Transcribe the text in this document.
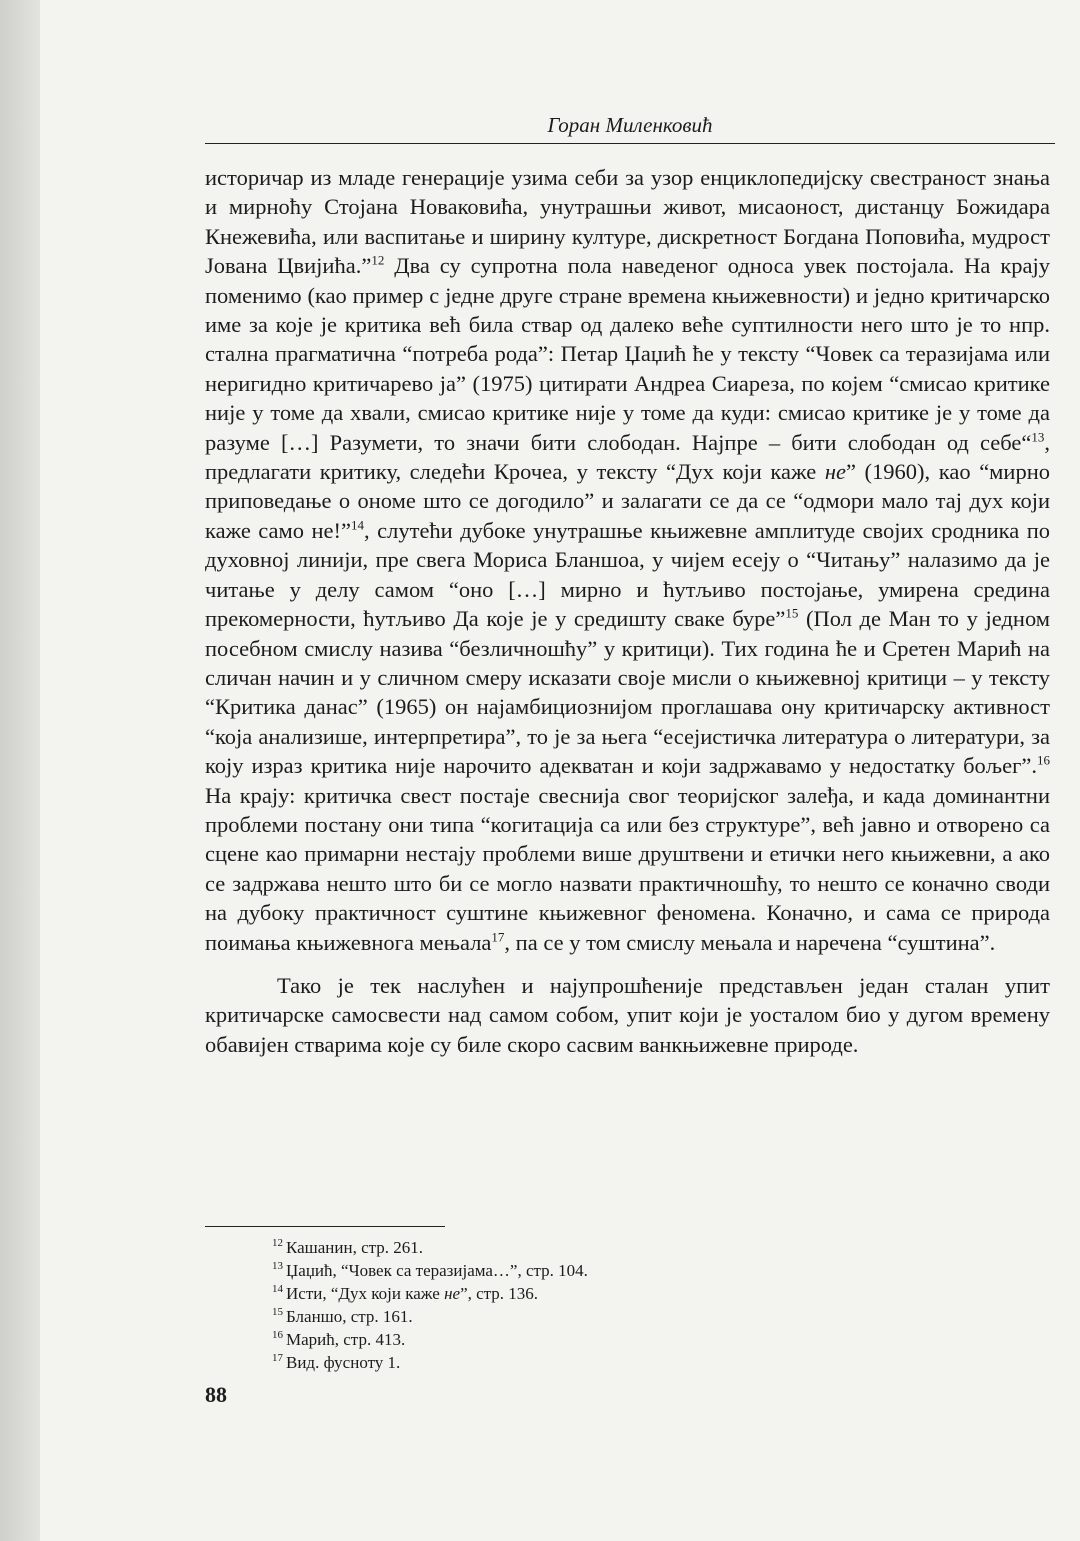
Горан Миленковић

историчар из младе генерације узима себи за узор енциклопедијску свестраност знања и мирноћу Стојана Новаковића, унутрашњи живот, мисаоност, дистанцу Божидара Кнежевића, или васпитање и ширину културе, дискретност Богдана Поповића, мудрост Јована Цвијића.”$^{12}$ Два су супротна пола наведеног односа увек постојала. На крају поменимо (као пример с једне друге стране времена књижевности) и једно критичарско име за које је критика већ била ствар од далеко веће суптилности него што је то нпр. стална прагматична “потреба рода”: Петар Џаџић ће у тексту “Човек са теразијама или неригидно критичарево ја” (1975) цитирати Андреа Сиареза, по којем “смисао критике није у томе да хвали, смисао критике није у томе да куди: смисао критике је у томе да разуме […] Разумети, то значи бити слободан. Најпре – бити слободан од себе“$^{13}$, предлагати критику, следећи Крочеа, у тексту “Дух који каже не” (1960), као “мирно приповедање о ономе што се догодило” и залагати се да се “одмори мало тај дух који каже само не!”$^{14}$, слутећи дубоке унутрашње књижевне амплитуде својих сродника по духовној линији, пре свега Мориса Бланшоа, у чијем есеју о “Читању” налазимо да је читање у делу самом “оно […] мирно и ћутљиво постојање, умирена средина прекомерности, ћутљиво Да које је у средишту сваке буре”$^{15}$ (Пол де Ман то у једном посебном смислу назива “безличношћу” у критици). Тих година ће и Сретен Марић на сличан начин и у сличном смеру исказати своје мисли о књижевној критици – у тексту “Критика данас” (1965) он најамбициознијом проглашава ону критичарску активност “која анализише, интерпретира”, то је за њега “есејистичка литература о литератури, за коју израз критика није нарочито адекватан и који задржавамо у недостатку бољег”.$^{16}$ На крају: критичка свест постаје свеснија свог теоријског залеђа, и када доминантни проблеми постану они типа “когитација са или без структуре”, већ јавно и отворено са сцене као примарни нестају проблеми више друштвени и етички него књижевни, а ако се задржава нешто што би се могло назвати практичношћу, то нешто се коначно своди на дубоку практичност суштине књижевног феномена. Коначно, и сама се природа поимања књижевнога мењала$^{17}$, па се у том смислу мењала и наречена “суштина”.

Тако је тек наслућен и најупрошћеније представљен један сталан упит критичарске самосвести над самом собом, упит који је уосталом био у дугом времену обавијен стварима које су биле скоро сасвим ванкњижевне природе.

$^{12}$ Кашанин, стр. 261.
$^{13}$ Џаџић, “Човек са теразијама…”, стр. 104.
$^{14}$ Исти, “Дух који каже не”, стр. 136.
$^{15}$ Бланшо, стр. 161.
$^{16}$ Марић, стр. 413.
$^{17}$ Вид. фусноту 1.
88
